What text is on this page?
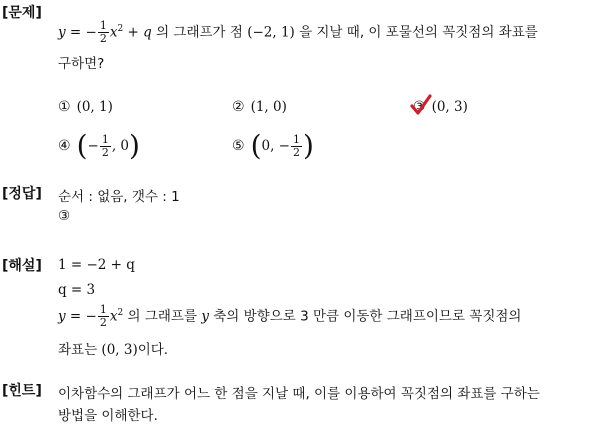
[문제]
y = − $\frac{1}{2} x^2 + q$ 의 그래프가 점 (−2, 1) 을 지날 때, 이 포물선의 꼭짓점의 좌표를
구하면?
① (0, 1)	② (1, 0)	③ (0, 3)
④ (− $\frac{1}{2}$ , 0)	⑤ (0, − $\frac{1}{2}$ )
[정답] 순서 : 없음, 갯수 : 1
③
[해설] 1 = −2 + q
q = 3
y = − $\frac{1}{2} x^2$ 의 그래프를 y 축의 방향으로 3 만큼 이동한 그래프이므로 꼭짓점의
좌표는 (0, 3)이다.
[힌트] 이차함수의 그래프가 어느 한 점을 지날 때, 이를 이용하여 꼭짓점의 좌표를 구하는
방법을 이해한다.
